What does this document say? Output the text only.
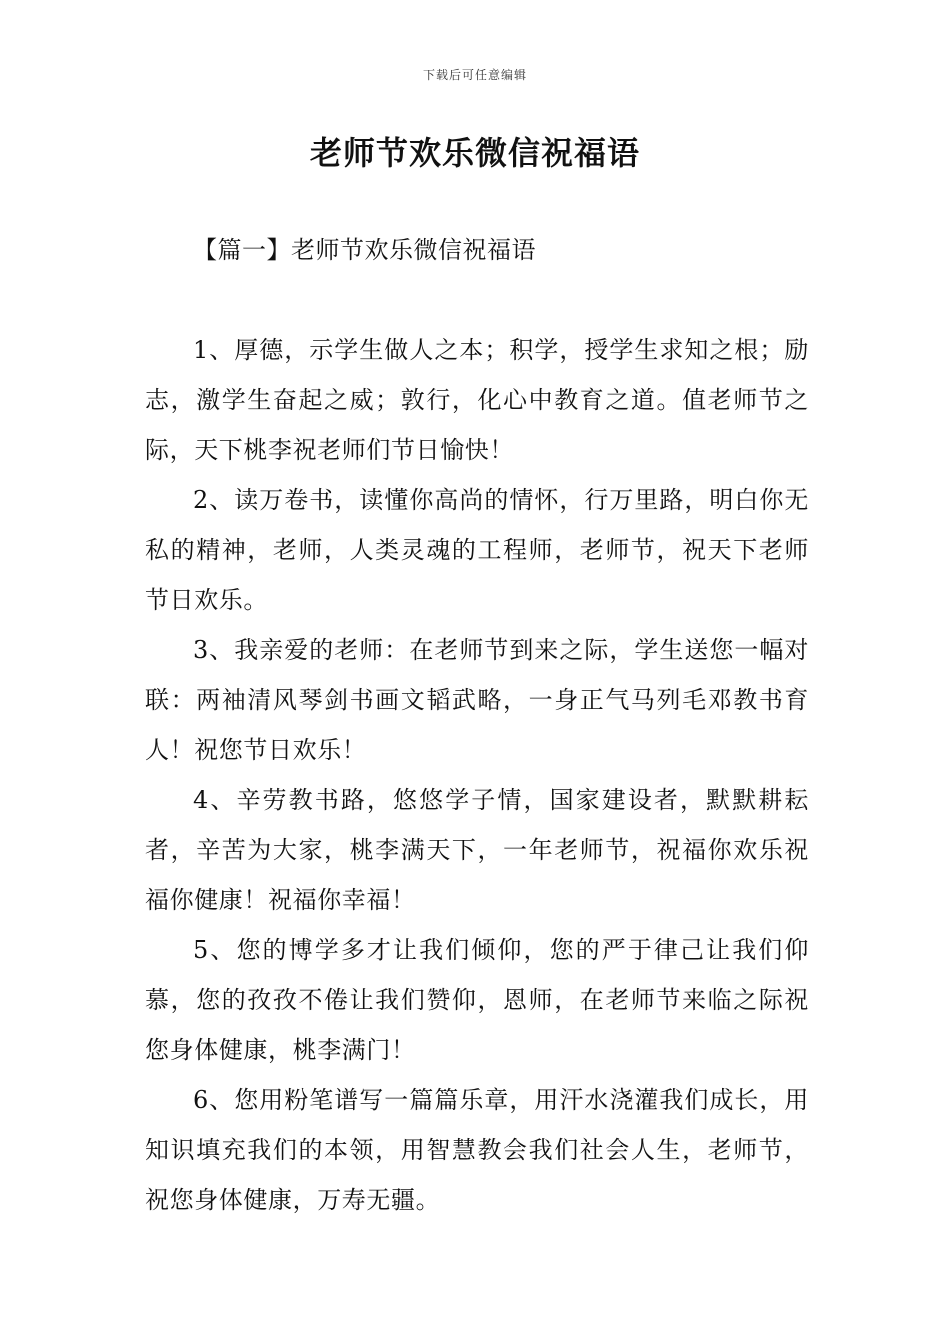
下载后可任意编辑
老师节欢乐微信祝福语
【篇一】老师节欢乐微信祝福语

1、厚德，示学生做人之本；积学，授学生求知之根；励志，激学生奋起之威；敦行，化心中教育之道。值老师节之际，天下桃李祝老师们节日愉快！

2、读万卷书，读懂你高尚的情怀，行万里路，明白你无私的精神，老师，人类灵魂的工程师，老师节，祝天下老师节日欢乐。

3、我亲爱的老师：在老师节到来之际，学生送您一幅对联：两袖清风琴剑书画文韬武略，一身正气马列毛邓教书育人！祝您节日欢乐！

4、辛劳教书路，悠悠学子情，国家建设者，默默耕耘者，辛苦为大家，桃李满天下，一年老师节，祝福你欢乐祝福你健康！祝福你幸福！

5、您的博学多才让我们倾仰，您的严于律己让我们仰慕，您的孜孜不倦让我们赞仰，恩师，在老师节来临之际祝您身体健康，桃李满门！

6、您用粉笔谱写一篇篇乐章，用汗水浇灌我们成长，用知识填充我们的本领，用智慧教会我们社会人生，老师节，祝您身体健康，万寿无疆。
